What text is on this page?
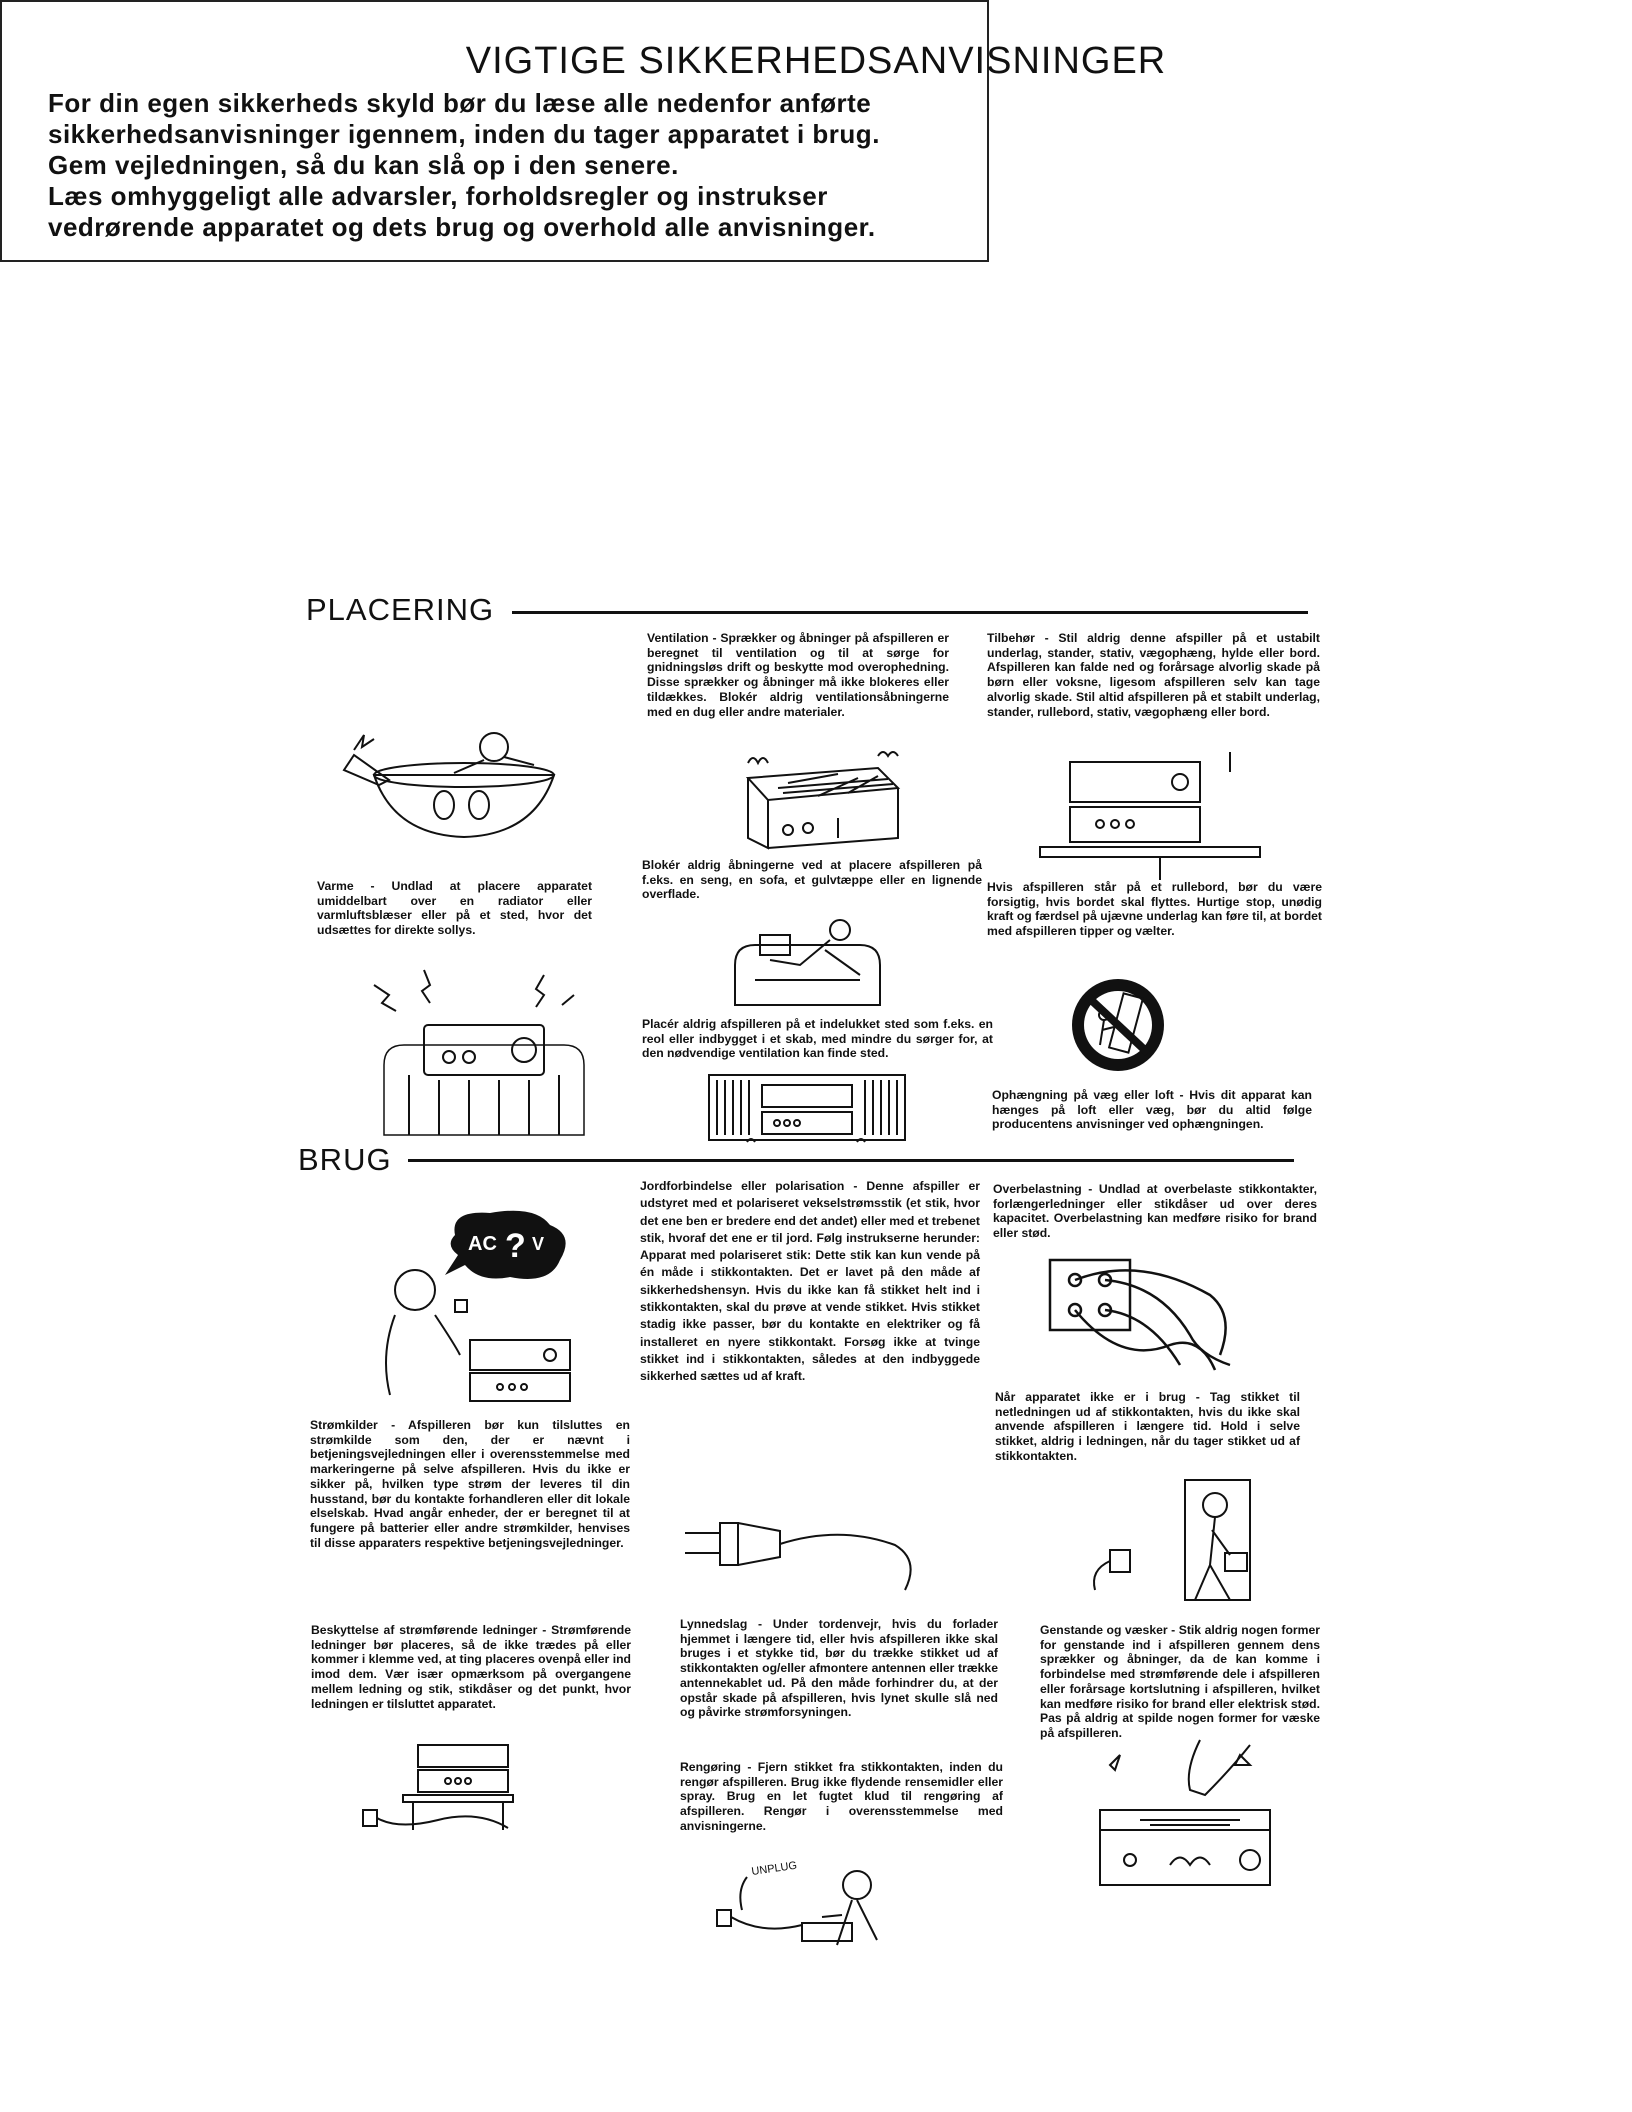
VIGTIGE SIKKERHEDSANVISNINGER
For din egen sikkerheds skyld bør du læse alle nedenfor anførte
sikkerhedsanvisninger igennem, inden du tager apparatet i brug.
Gem vejledningen, så du kan slå op i den senere.
Læs omhyggeligt alle advarsler, forholdsregler og instrukser
vedrørende apparatet og dets brug og overhold alle anvisninger.
PLACERING
Varme - Undlad at placere apparatet umiddelbart over en radiator eller varmluftsblæser eller på et sted, hvor det udsættes for direkte sollys.
Ventilation - Sprækker og åbninger på afspilleren er beregnet til ventilation og til at sørge for gnidningsløs drift og beskytte mod overophedning. Disse sprækker og åbninger må ikke blokeres eller tildækkes. Blokér aldrig ventilationsåbningerne med en dug eller andre materialer.
Blokér aldrig åbningerne ved at placere afspilleren på f.eks. en seng, en sofa, et gulvtæppe eller en lignende overflade.
Placér aldrig afspilleren på et indelukket sted som f.eks. en reol eller indbygget i et skab, med mindre du sørger for, at den nødvendige ventilation kan finde sted.
Tilbehør - Stil aldrig denne afspiller på et ustabilt underlag, stander, stativ, vægophæng, hylde eller bord. Afspilleren kan falde ned og forårsage alvorlig skade på børn eller voksne, ligesom afspilleren selv kan tage alvorlig skade. Stil altid afspilleren på et stabilt underlag, stander, rullebord, stativ, vægophæng eller bord.
Hvis afspilleren står på et rullebord, bør du være forsigtig, hvis bordet skal flyttes. Hurtige stop, unødig kraft og færdsel på ujævne underlag kan føre til, at bordet med afspilleren tipper og vælter.
Ophængning på væg eller loft - Hvis dit apparat kan hænges på loft eller væg, bør du altid følge producentens anvisninger ved ophængningen.
BRUG
AC ? V
Strømkilder - Afspilleren bør kun tilsluttes en strømkilde som den, der er nævnt i betjeningsvejledningen eller i overensstemmelse med markeringerne på selve afspilleren. Hvis du ikke er sikker på, hvilken type strøm der leveres til din husstand, bør du kontakte forhandleren eller dit lokale elselskab. Hvad angår enheder, der er beregnet til at fungere på batterier eller andre strømkilder, henvises til disse apparaters respektive betjeningsvejledninger.
Beskyttelse af strømførende ledninger - Strømførende ledninger bør placeres, så de ikke trædes på eller kommer i klemme ved, at ting placeres ovenpå eller ind imod dem. Vær især opmærksom på overgangene mellem ledning og stik, stikdåser og det punkt, hvor ledningen er tilsluttet apparatet.
Jordforbindelse eller polarisation - Denne afspiller er udstyret med et polariseret vekselstrømsstik (et stik, hvor det ene ben er bredere end det andet) eller med et trebenet stik, hvoraf det ene er til jord. Følg instrukserne herunder: Apparat med polariseret stik: Dette stik kan kun vende på én måde i stikkontakten. Det er lavet på den måde af sikkerhedshensyn. Hvis du ikke kan få stikket helt ind i stikkontakten, skal du prøve at vende stikket. Hvis stikket stadig ikke passer, bør du kontakte en elektriker og få installeret en nyere stikkontakt. Forsøg ikke at tvinge stikket ind i stikkontakten, således at den indbyggede sikkerhed sættes ud af kraft.
Lynnedslag - Under tordenvejr, hvis du forlader hjemmet i længere tid, eller hvis afspilleren ikke skal bruges i et stykke tid, bør du trække stikket ud af stikkontakten og/eller afmontere antennen eller trække antennekablet ud. På den måde forhindrer du, at der opstår skade på afspilleren, hvis lynet skulle slå ned og påvirke strømforsyningen.
Rengøring - Fjern stikket fra stikkontakten, inden du rengør afspilleren. Brug ikke flydende rensemidler eller spray. Brug en let fugtet klud til rengøring af afspilleren. Rengør i overensstemmelse med anvisningerne.
UNPLUG
Overbelastning - Undlad at overbelaste stikkontakter, forlængerledninger eller stikdåser ud over deres kapacitet. Overbelastning kan medføre risiko for brand eller stød.
Når apparatet ikke er i brug - Tag stikket til netledningen ud af stikkontakten, hvis du ikke skal anvende afspilleren i længere tid. Hold i selve stikket, aldrig i ledningen, når du tager stikket ud af stikkontakten.
Genstande og væsker - Stik aldrig nogen former for genstande ind i afspilleren gennem dens sprækker og åbninger, da de kan komme i forbindelse med strømførende dele i afspilleren eller forårsage kortslutning i afspilleren, hvilket kan medføre risiko for brand eller elektrisk stød. Pas på aldrig at spilde nogen former for væske på afspilleren.
